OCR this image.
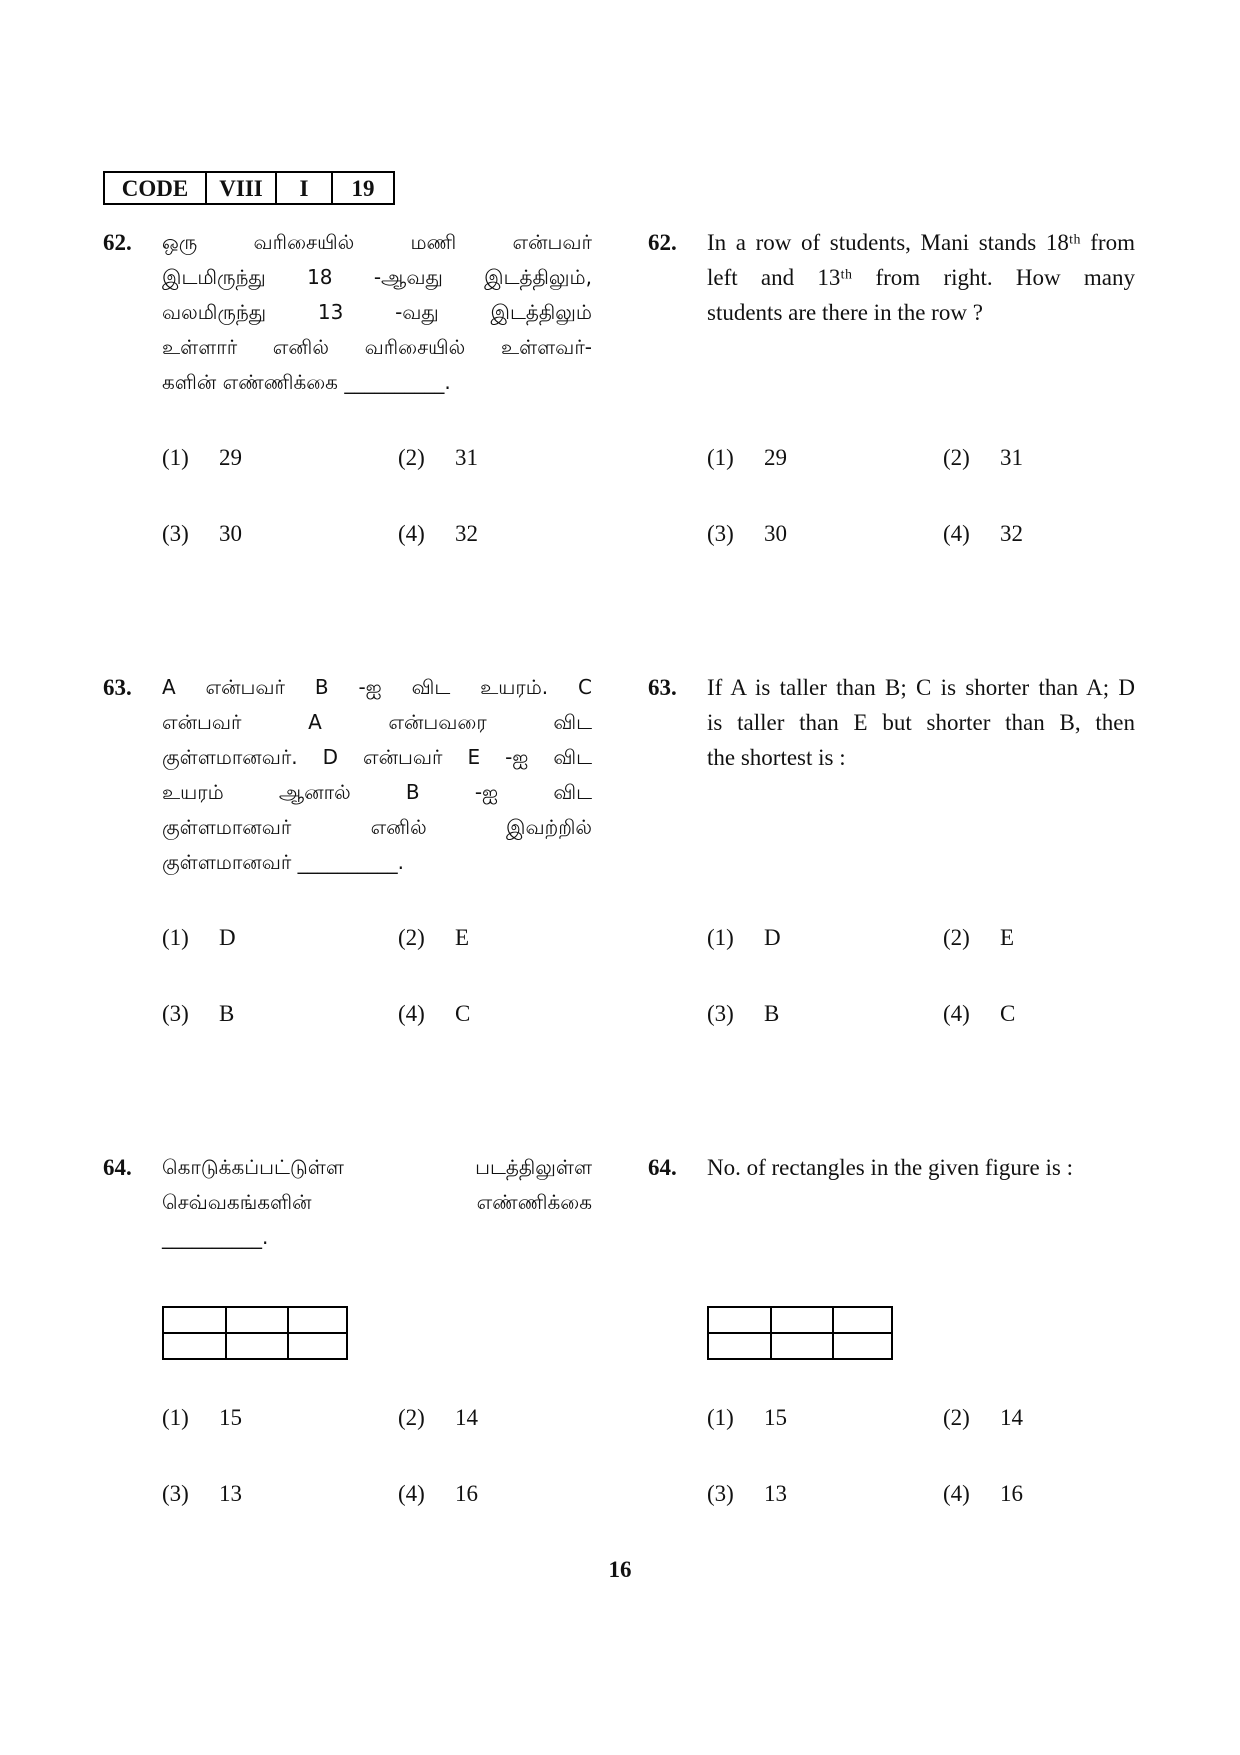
CODE	VIII	I	19
62. ஒரு வரிசையில் மணி என்பவர்
இடமிருந்து 18 -ஆவது இடத்திலும்,
வலமிருந்து 13 -வது இடத்திலும்
உள்ளார் எனில் வரிசையில் உள்ளவர்-
களின் எண்ணிக்கை __________.
(1) 29	(2) 31
(3) 30	(4) 32
62. In a row of students, Mani stands 18ᵗʰ from
left and 13ᵗʰ from right. How many
students are there in the row ?
(1) 29	(2) 31
(3) 30	(4) 32
63. A என்பவர் B -ஐ விட உயரம். C
என்பவர் A என்பவரை விட
குள்ளமானவர். D என்பவர் E -ஐ விட
உயரம் ஆனால் B -ஐ விட
குள்ளமானவர் எனில் இவற்றில்
குள்ளமானவர் __________.
(1) D	(2) E
(3) B	(4) C
63. If A is taller than B; C is shorter than A; D
is taller than E but shorter than B, then
the shortest is :
(1) D	(2) E
(3) B	(4) C
64. கொடுக்கப்பட்டுள்ள படத்திலுள்ள
செவ்வகங்களின் எண்ணிக்கை
__________.
(1) 15	(2) 14
(3) 13	(4) 16
64. No. of rectangles in the given figure is :
(1) 15	(2) 14
(3) 13	(4) 16
16
